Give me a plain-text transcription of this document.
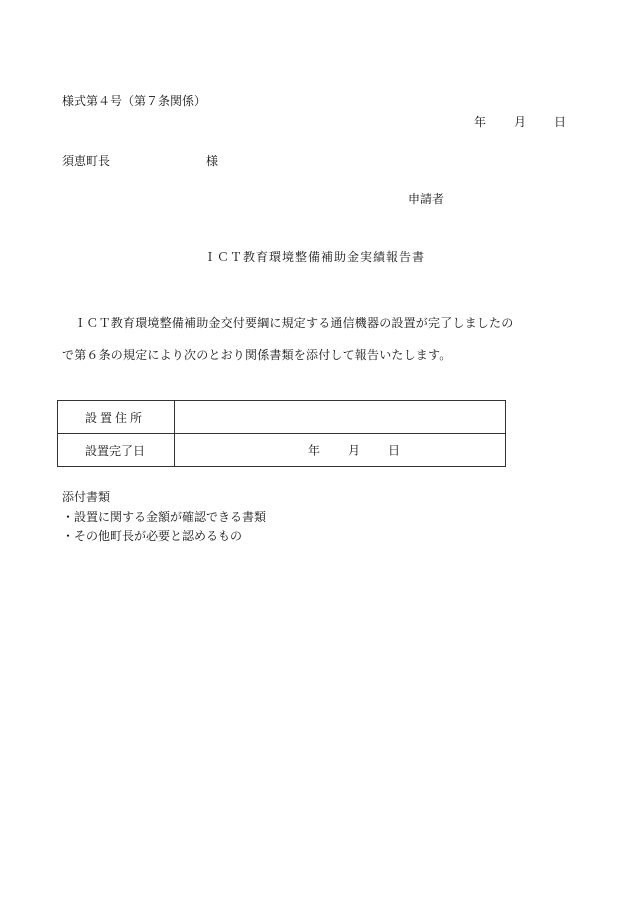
様式第４号（第７条関係）
年 月 日
須恵町長	様
申請者
ＩＣＴ教育環境整備補助金実績報告書
　ＩＣＴ教育環境整備補助金交付要綱に規定する通信機器の設置が完了しましたの
で第６条の規定により次のとおり関係書類を添付して報告いたします。
設置住所	
設置完了日	年 月 日
添付書類
・設置に関する金額が確認できる書類
・その他町長が必要と認めるもの
